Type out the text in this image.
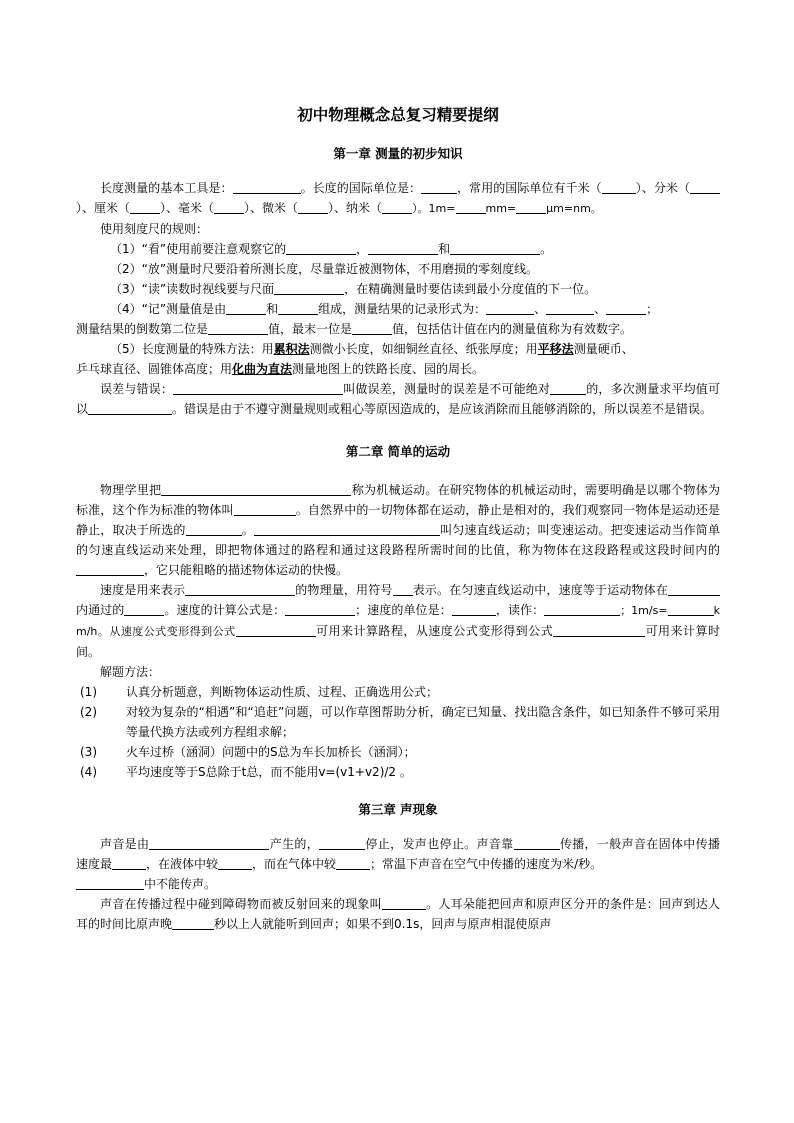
初中物理概念总复习精要提纲
第一章 测量的初步知识

长度测量的基本工具是：	。长度的国际单位是：	，常用的国际单位有千米（	）、分米（）、厘米（	）、毫米（	）、微米（	）、纳米（	）。1m=	mm=	μm=nm。

使用刻度尺的规则：

（1）“看”使用前要注意观察它的	，	和	。

（2）“放”测量时尺要沿着所测长度，尽量靠近被测物体，不用磨损的零刻度线。

（3）“读”读数时视线要与尺面	，在精确测量时要估读到最小分度值的下一位。

（4）“记”测量值是由	和	组成，测量结果的记录形式为：	、	、	；

测量结果的倒数第二位是	值，最末一位是	值，包括估计值在内的测量值称为有效数字。

（5）长度测量的特殊方法：用累积法测微小长度，如细铜丝直径、纸张厚度；用平移法测量硬币、

乒乓球直径、圆锥体高度；用化曲为直法测量地图上的铁路长度、园的周长。

误差与错误：	叫做误差，测量时的误差是不可能绝对	的，多次测量求平均值可以	。错误是由于不遵守测量规则或粗心等原因造成的，是应该消除而且能够消除的，所以误差不是错误。

第二章 简单的运动

物理学里把	称为机械运动。在研究物体的机械运动时，需要明确是以哪个物体为标准，这个作为标准的物体叫	。自然界中的一切物体都在运动，静止是相对的，我们观察同一物体是运动还是静止，取决于所选的	。	叫匀速直线运动；叫变速运动。把变速运动当作简单的匀速直线运动来处理，即把物体通过的路程和通过这段路程所需时间的比值，称为物体在这段路程或这段时间内的，它只能粗略的描述物体运动的快慢。

速度是用来表示	的物理量，用符号 表示。在匀速直线运动中，速度等于运动物体在内通过的	。速度的计算公式是：	；速度的单位是：	，读作：	；1m/s=	km/h。从速度公式变形得到公式	可用来计算路程，从速度公式变形得到公式	可用来计算时间。

解题方法：

(1)	认真分析题意，判断物体运动性质、过程、正确选用公式；
(2)	对较为复杂的“相遇”和“追赶”问题，可以作草图帮助分析，确定已知量、找出隐含条件，如已知条件不够可采用等量代换方法或列方程组求解；
(3)	火车过桥（涵洞）问题中的S总为车长加桥长（涵洞）；
(4)	平均速度等于S总除于t总，而不能用v=(v1+v2)/2 。
第三章 声现象

声音是由	产生的，	停止，发声也停止。声音靠	传播，一般声音在固体中传播速度最	，在液体中较	，而在气体中较	；常温下声音在空气中传播的速度为米/秒。

中不能传声。

声音在传播过程中碰到障碍物而被反射回来的现象叫	。人耳朵能把回声和原声区分开的条件是：回声到达人耳的时间比原声晚	秒以上人就能听到回声；如果不到0.1s，回声与原声相混使原声
